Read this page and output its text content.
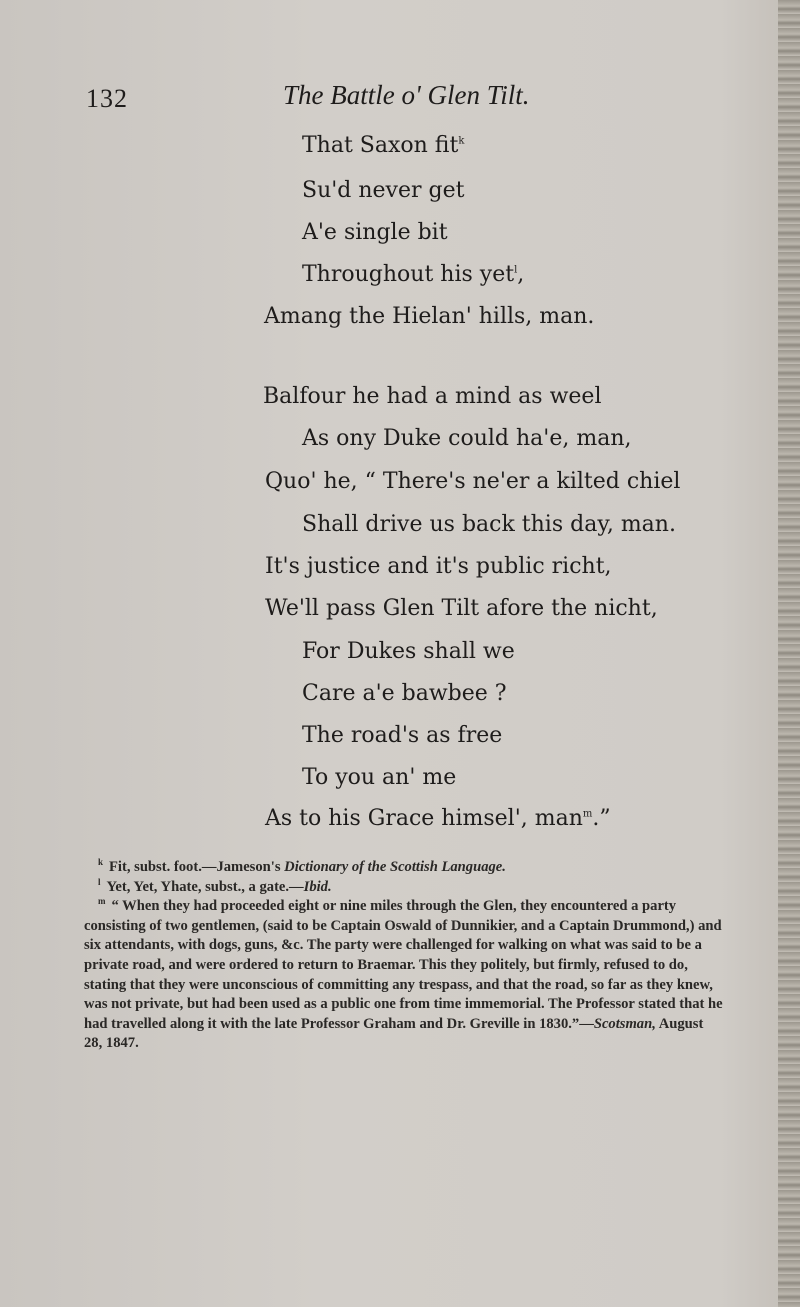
132	The Battle o' Glen Tilt.
That Saxon fit$^k$
Su'd never get
A'e single bit
Throughout his yet$^l$,
Amang the Hielan' hills, man.
Balfour he had a mind as weel
As ony Duke could ha'e, man,
Quo' he, “ There's ne'er a kilted chiel
Shall drive us back this day, man.
It's justice and it's public richt,
We'll pass Glen Tilt afore the nicht,
For Dukes shall we
Care a'e bawbee ?
The road's as free
To you an' me
As to his Grace himsel', man$^m$.”

$^k$ Fit, subst. foot.—Jameson's Dictionary of the Scottish Language.

$^l$ Yet, Yet, Yhate, subst., a gate.—Ibid.

$^m$ “ When they had proceeded eight or nine miles through the Glen, they encountered a party consisting of two gentlemen, (said to be Captain Oswald of Dunnikier, and a Captain Drummond,) and six attendants, with dogs, guns, &c. The party were challenged for walking on what was said to be a private road, and were ordered to return to Braemar. This they politely, but firmly, refused to do, stating that they were unconscious of committing any trespass, and that the road, so far as they knew, was not private, but had been used as a public one from time immemorial. The Professor stated that he had travelled along it with the late Professor Graham and Dr. Greville in 1830.”—Scotsman, August 28, 1847.
